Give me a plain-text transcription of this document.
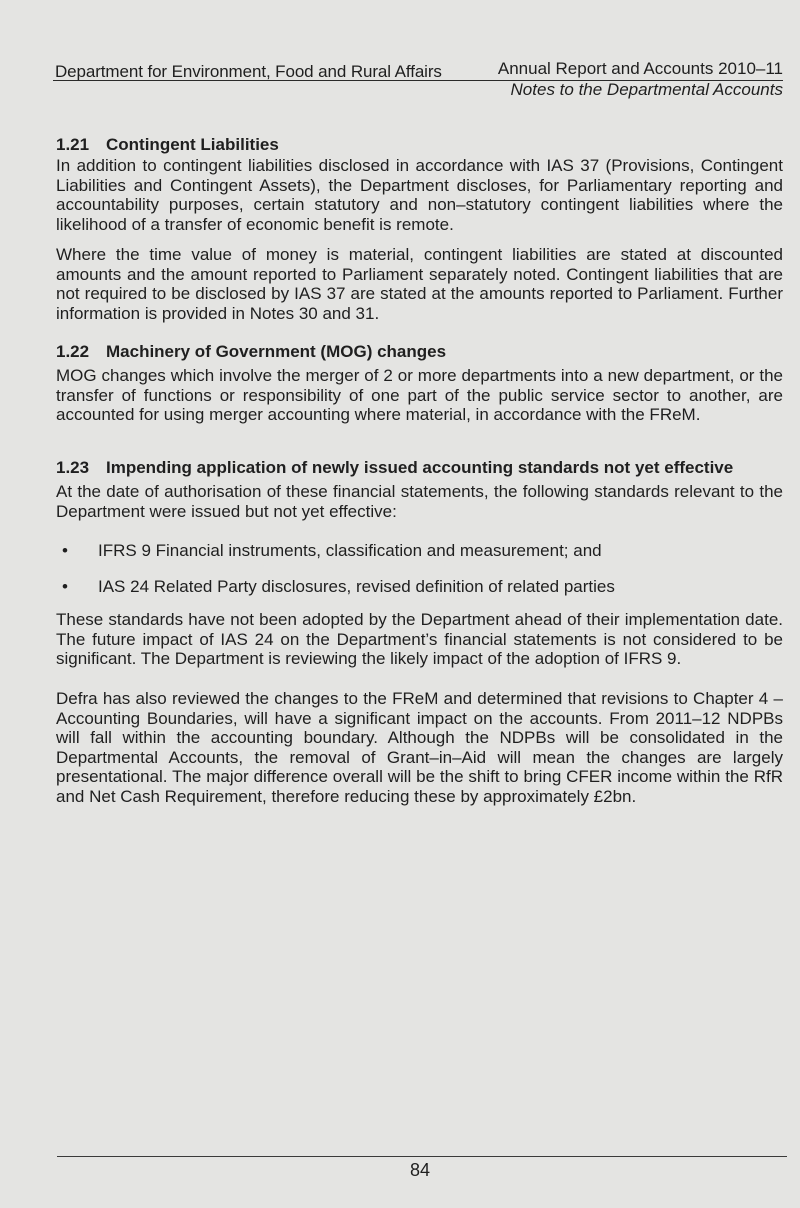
Department for Environment, Food and Rural Affairs	Annual Report and Accounts 2010–11
Notes to the Departmental Accounts
1.21 Contingent Liabilities

In addition to contingent liabilities disclosed in accordance with IAS 37 (Provisions, Contingent Liabilities and Contingent Assets), the Department discloses, for Parliamentary reporting and accountability purposes, certain statutory and non–statutory contingent liabilities where the likelihood of a transfer of economic benefit is remote.

Where the time value of money is material, contingent liabilities are stated at discounted amounts and the amount reported to Parliament separately noted. Contingent liabilities that are not required to be disclosed by IAS 37 are stated at the amounts reported to Parliament. Further information is provided in Notes 30 and 31.

1.22 Machinery of Government (MOG) changes

MOG changes which involve the merger of 2 or more departments into a new department, or the transfer of functions or responsibility of one part of the public service sector to another, are accounted for using merger accounting where material, in accordance with the FReM.

1.23 Impending application of newly issued accounting standards not yet effective

At the date of authorisation of these financial statements, the following standards relevant to the Department were issued but not yet effective:

• IFRS 9 Financial instruments, classification and measurement; and
• IAS 24 Related Party disclosures, revised definition of related parties

These standards have not been adopted by the Department ahead of their implementation date. The future impact of IAS 24 on the Department’s financial statements is not considered to be significant. The Department is reviewing the likely impact of the adoption of IFRS 9.

Defra has also reviewed the changes to the FReM and determined that revisions to Chapter 4 – Accounting Boundaries, will have a significant impact on the accounts. From 2011–12 NDPBs will fall within the accounting boundary. Although the NDPBs will be consolidated in the Departmental Accounts, the removal of Grant–in–Aid will mean the changes are largely presentational. The major difference overall will be the shift to bring CFER income within the RfR and Net Cash Requirement, therefore reducing these by approximately £2bn.

84
